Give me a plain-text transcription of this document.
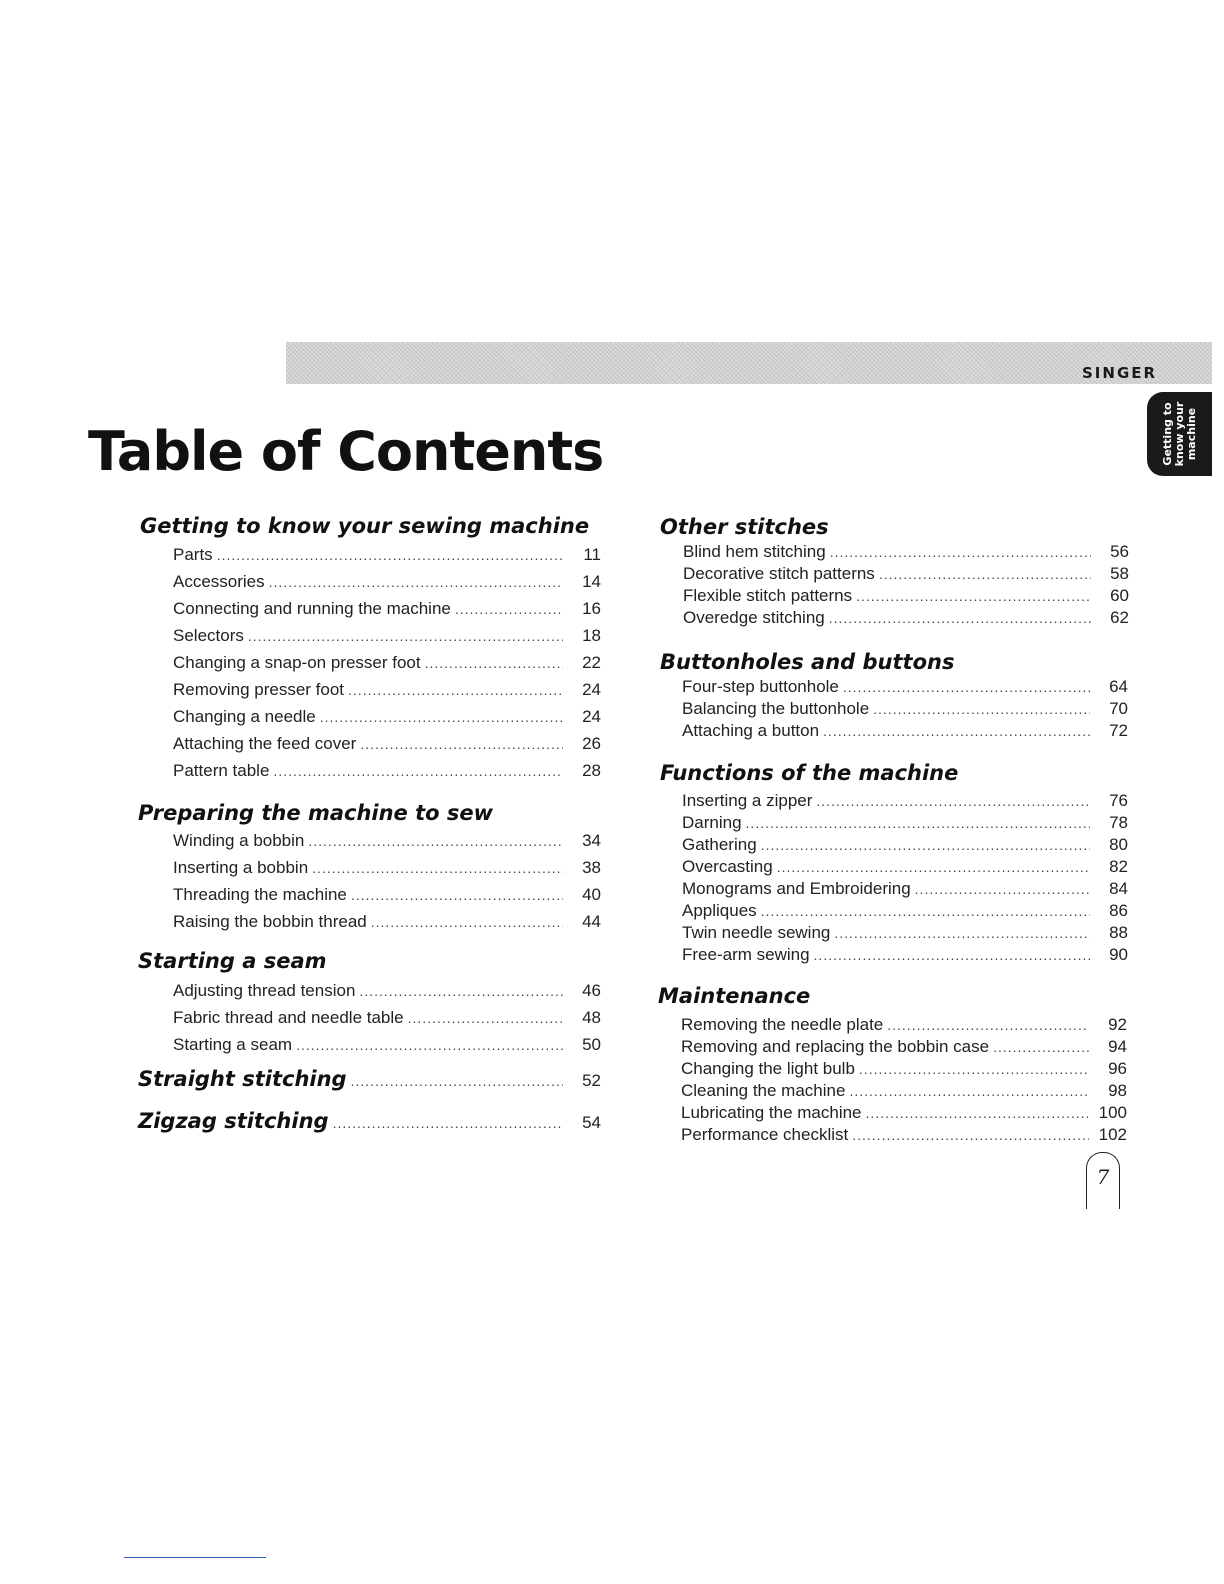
SINGER
Getting to know your machine
Table of Contents
Getting to know your sewing machine
Parts .....	11
Accessories .....	14
Connecting and running the machine .....	16
Selectors .....	18
Changing a snap-on presser foot .....	22
Removing presser foot .....	24
Changing a needle .....	24
Attaching the feed cover .....	26
Pattern table .....	28
Preparing the machine to sew
Winding a bobbin .....	34
Inserting a bobbin .....	38
Threading the machine .....	40
Raising the bobbin thread .....	44
Starting a seam
Adjusting thread tension .....	46
Fabric thread and needle table .....	48
Starting a seam .....	50
Straight stitching .....	52
Zigzag stitching .....	54
Other stitches
Blind hem stitching .....	56
Decorative stitch patterns .....	58
Flexible stitch patterns .....	60
Overedge stitching .....	62
Buttonholes and buttons
Four-step buttonhole .....	64
Balancing the buttonhole .....	70
Attaching a button .....	72
Functions of the machine
Inserting a zipper .....	76
Darning .....	78
Gathering .....	80
Overcasting .....	82
Monograms and Embroidering .....	84
Appliques .....	86
Twin needle sewing .....	88
Free-arm sewing .....	90
Maintenance
Removing the needle plate .....	92
Removing and replacing the bobbin case .....	94
Changing the light bulb .....	96
Cleaning the machine .....	98
Lubricating the machine .....	100
Performance checklist .....	102
7
